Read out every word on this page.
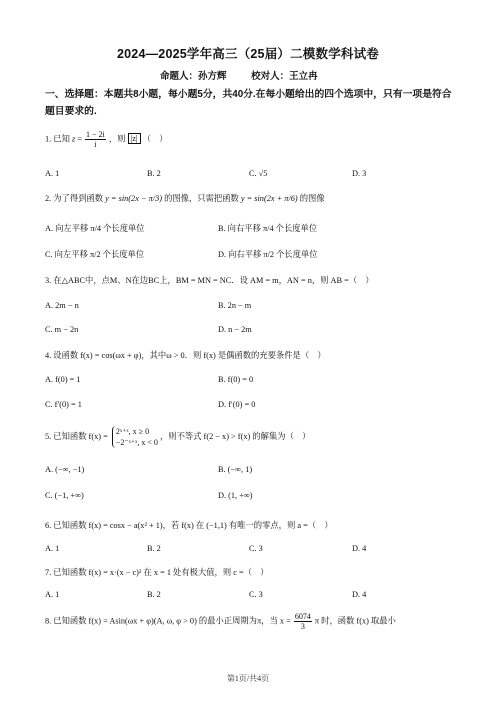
2024—2025学年高三（25届）二模数学科试卷
命题人：孙方辉	校对人：王立冉
一、选择题：本题共8小题，每小题5分，共40分.在每小题给出的四个选项中，只有一项是符合题目要求的.
1. 已知 $z = \frac{1 - 2i}{i}$ ，则 |z| （　）
A. 1	B. 2	C. √5	D. 3
2. 为了得到函数 y = sin(2x − π/3) 的图像，只需把函数 y = sin(2x + π/6) 的图像
A. 向左平移 π/4 个长度单位	B. 向右平移 π/4 个长度单位
C. 向左平移 π/2 个长度单位	D. 向右平移 π/2 个长度单位
3. 在△ABC中，点M、N在边BC上，BM = MN = NC．设 AM = m，AN = n，则 AB =（　）
A. 2m − n	B. 2n − m
C. m − 2n	D. n − 2m
4. 设函数 f(x) = cos(ωx + φ)，其中ω > 0．则 f(x) 是偶函数的充要条件是（　）
A. f(0) = 1	B. f(0) = 0
C. f′(0) = 1	D. f′(0) = 0
5. 已知函数 f(x) =
2ˣ⁺ˣ, x ≥ 0
−2⁻ˣ⁺ˣ, x < 0
，则不等式 f(2 − x) > f(x) 的解集为（　）
A. (−∞, −1)	B. (−∞, 1)
C. (−1, +∞)	D. (1, +∞)
6. 已知函数 f(x) = cosx − a(x² + 1)，若 f(x) 在 (−1,1) 有唯一的零点，则 a =（　）
A. 1	B. 2	C. 3	D. 4
7. 已知函数 f(x) = x·(x − c)² 在 x = 1 处有极大值，则 c =（　）
A. 1	B. 2	C. 3	D. 4
8. 已知函数 f(x) = Asin(ωx + φ)(A, ω, φ > 0) 的最小正周期为π，当 $x = \frac{6074}{3}$ π 时，函数 f(x) 取最小
第1页/共4页
